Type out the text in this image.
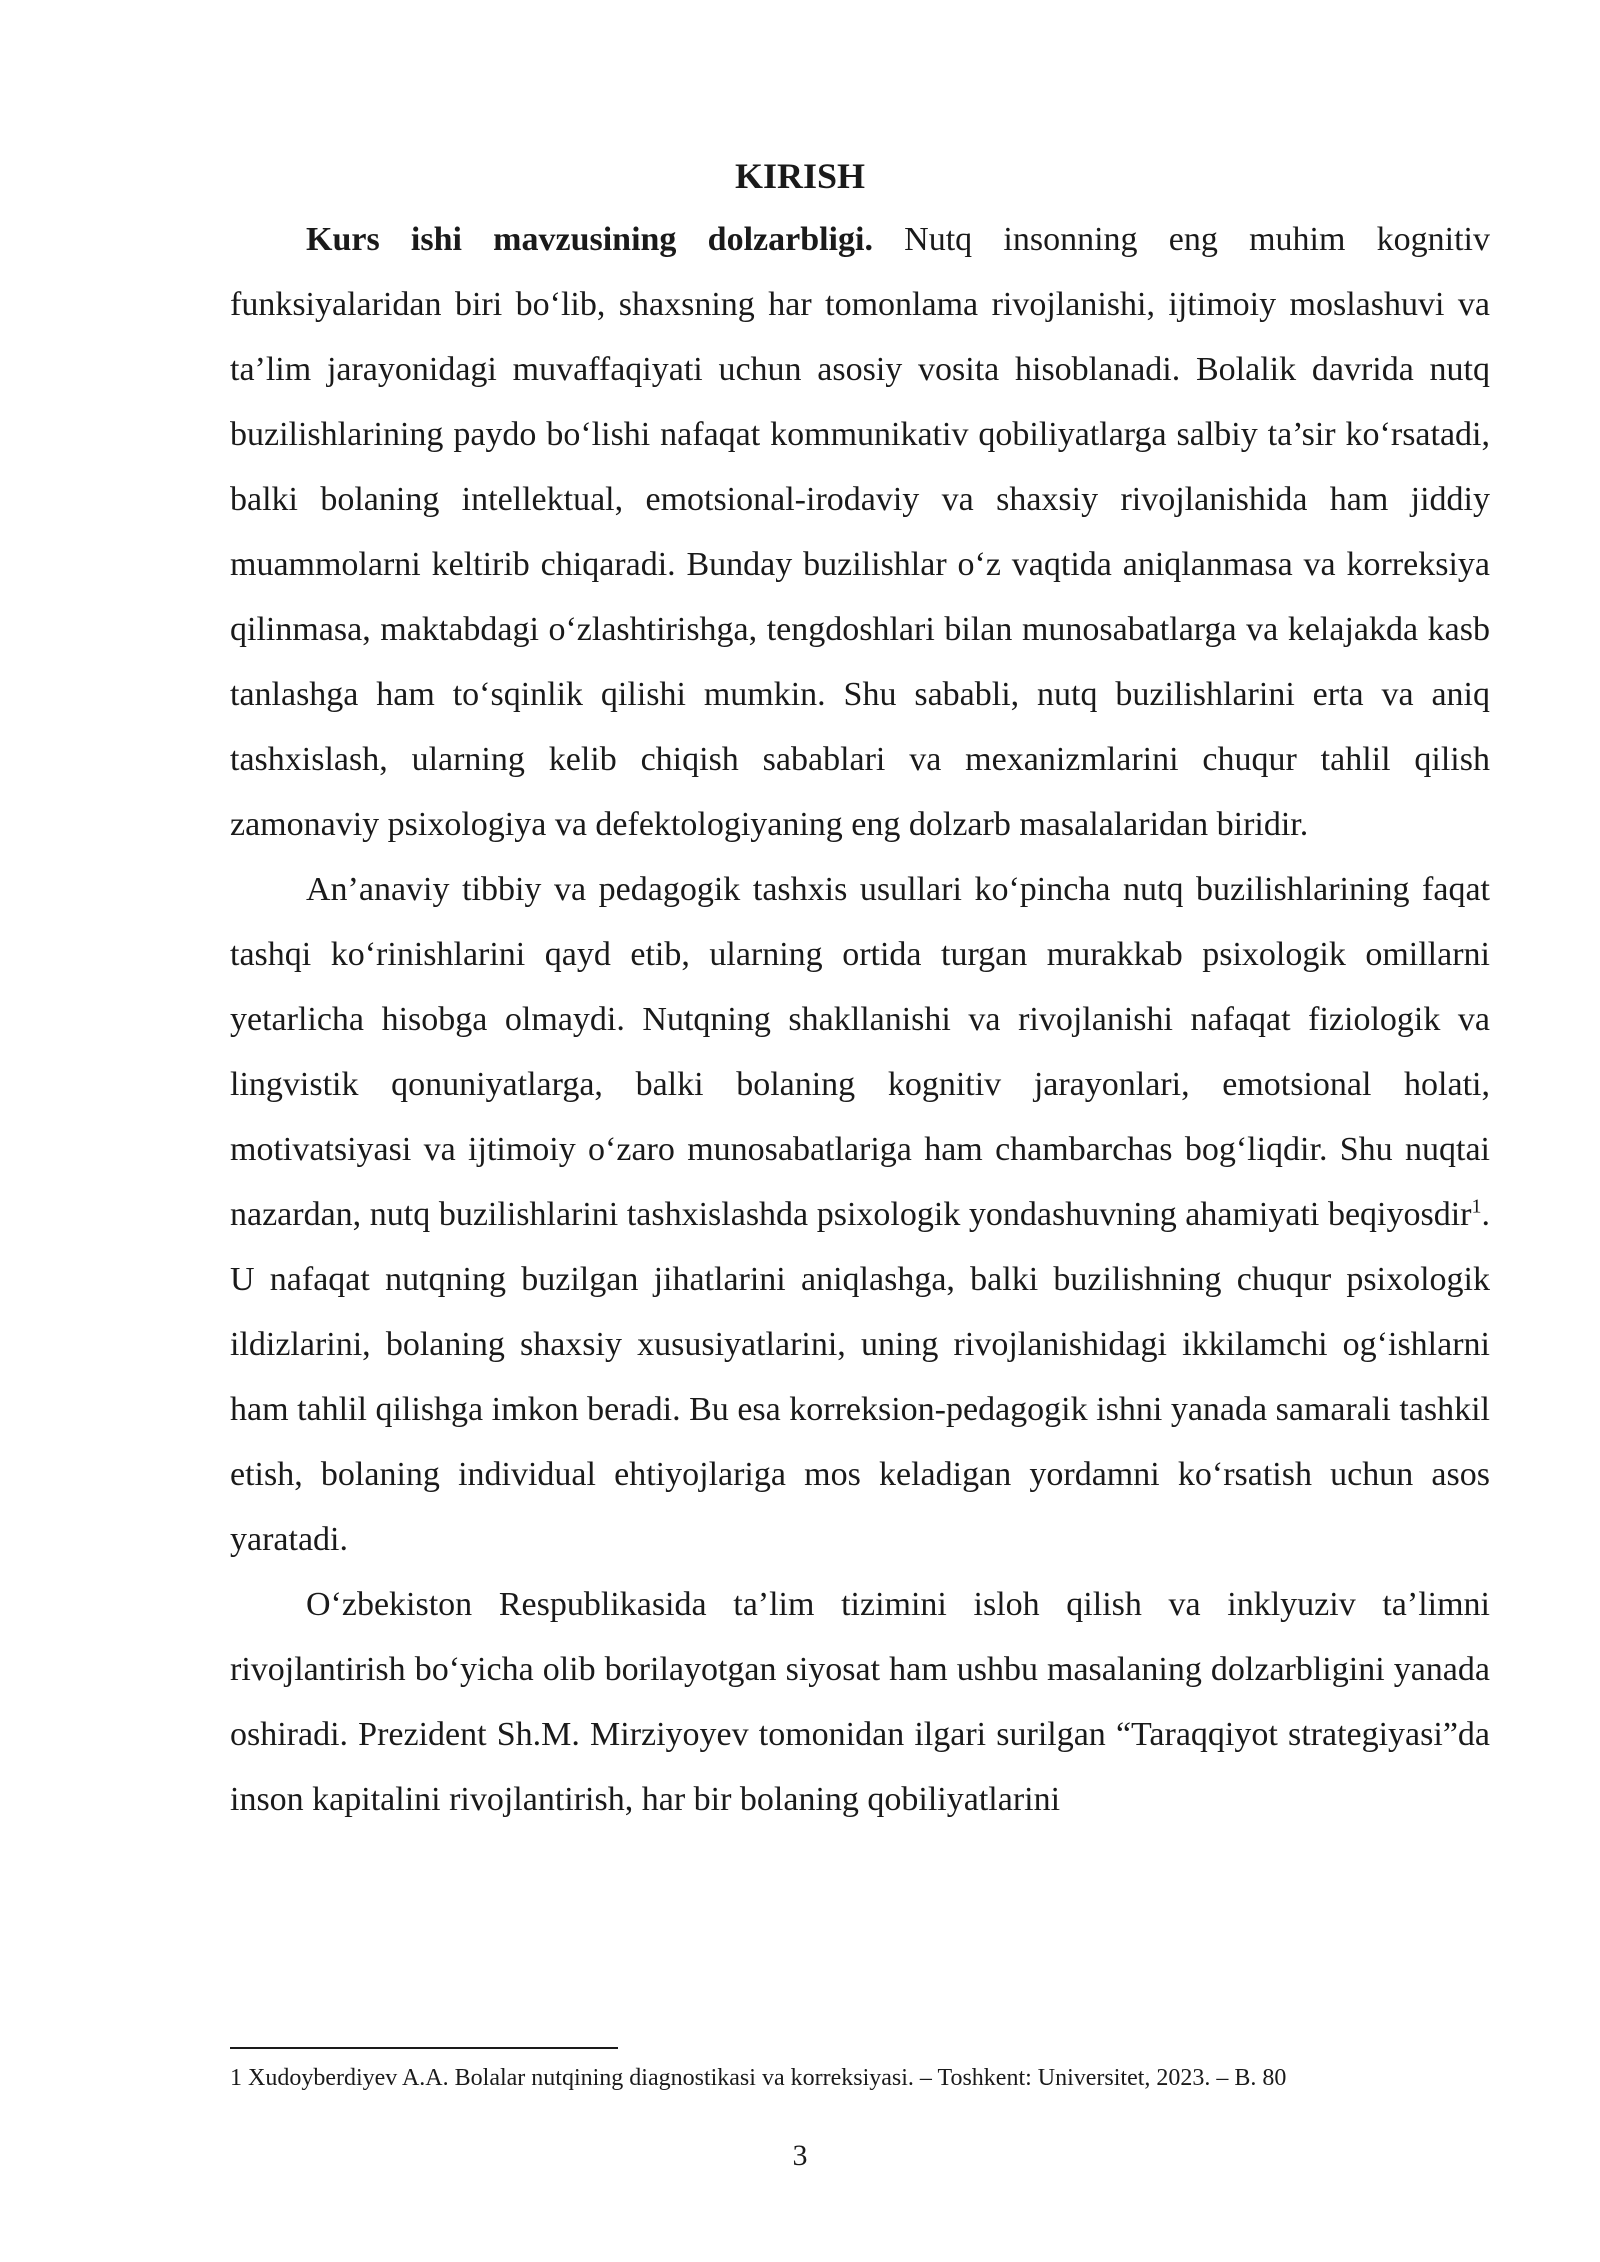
KIRISH

Kurs ishi mavzusining dolzarbligi. Nutq insonning eng muhim kognitiv funksiyalaridan biri bo‘lib, shaxsning har tomonlama rivojlanishi, ijtimoiy moslashuvi va ta’lim jarayonidagi muvaffaqiyati uchun asosiy vosita hisoblanadi. Bolalik davrida nutq buzilishlarining paydo bo‘lishi nafaqat kommunikativ qobiliyatlarga salbiy ta’sir ko‘rsatadi, balki bolaning intellektual, emotsional-irodaviy va shaxsiy rivojlanishida ham jiddiy muammolarni keltirib chiqaradi. Bunday buzilishlar o‘z vaqtida aniqlanmasa va korreksiya qilinmasa, maktabdagi o‘zlashtirishga, tengdoshlari bilan munosabatlarga va kelajakda kasb tanlashga ham to‘sqinlik qilishi mumkin. Shu sababli, nutq buzilishlarini erta va aniq tashxislash, ularning kelib chiqish sabablari va mexanizmlarini chuqur tahlil qilish zamonaviy psixologiya va defektologiyaning eng dolzarb masalalaridan biridir.

An’anaviy tibbiy va pedagogik tashxis usullari ko‘pincha nutq buzilishlarining faqat tashqi ko‘rinishlarini qayd etib, ularning ortida turgan murakkab psixologik omillarni yetarlicha hisobga olmaydi. Nutqning shakllanishi va rivojlanishi nafaqat fiziologik va lingvistik qonuniyatlarga, balki bolaning kognitiv jarayonlari, emotsional holati, motivatsiyasi va ijtimoiy o‘zaro munosabatlariga ham chambarchas bog‘liqdir. Shu nuqtai nazardan, nutq buzilishlarini tashxislashda psixologik yondashuvning ahamiyati beqiyosdir$^1$. U nafaqat nutqning buzilgan jihatlarini aniqlashga, balki buzilishning chuqur psixologik ildizlarini, bolaning shaxsiy xususiyatlarini, uning rivojlanishidagi ikkilamchi og‘ishlarni ham tahlil qilishga imkon beradi. Bu esa korreksion-pedagogik ishni yanada samarali tashkil etish, bolaning individual ehtiyojlariga mos keladigan yordamni ko‘rsatish uchun asos yaratadi.

O‘zbekiston Respublikasida ta’lim tizimini isloh qilish va inklyuziv ta’limni rivojlantirish bo‘yicha olib borilayotgan siyosat ham ushbu masalaning dolzarbligini yanada oshiradi. Prezident Sh.M. Mirziyoyev tomonidan ilgari surilgan “Taraqqiyot strategiyasi”da inson kapitalini rivojlantirish, har bir bolaning qobiliyatlarini

1 Xudoyberdiyev A.A. Bolalar nutqining diagnostikasi va korreksiyasi. – Toshkent: Universitet, 2023. – B. 80

3
